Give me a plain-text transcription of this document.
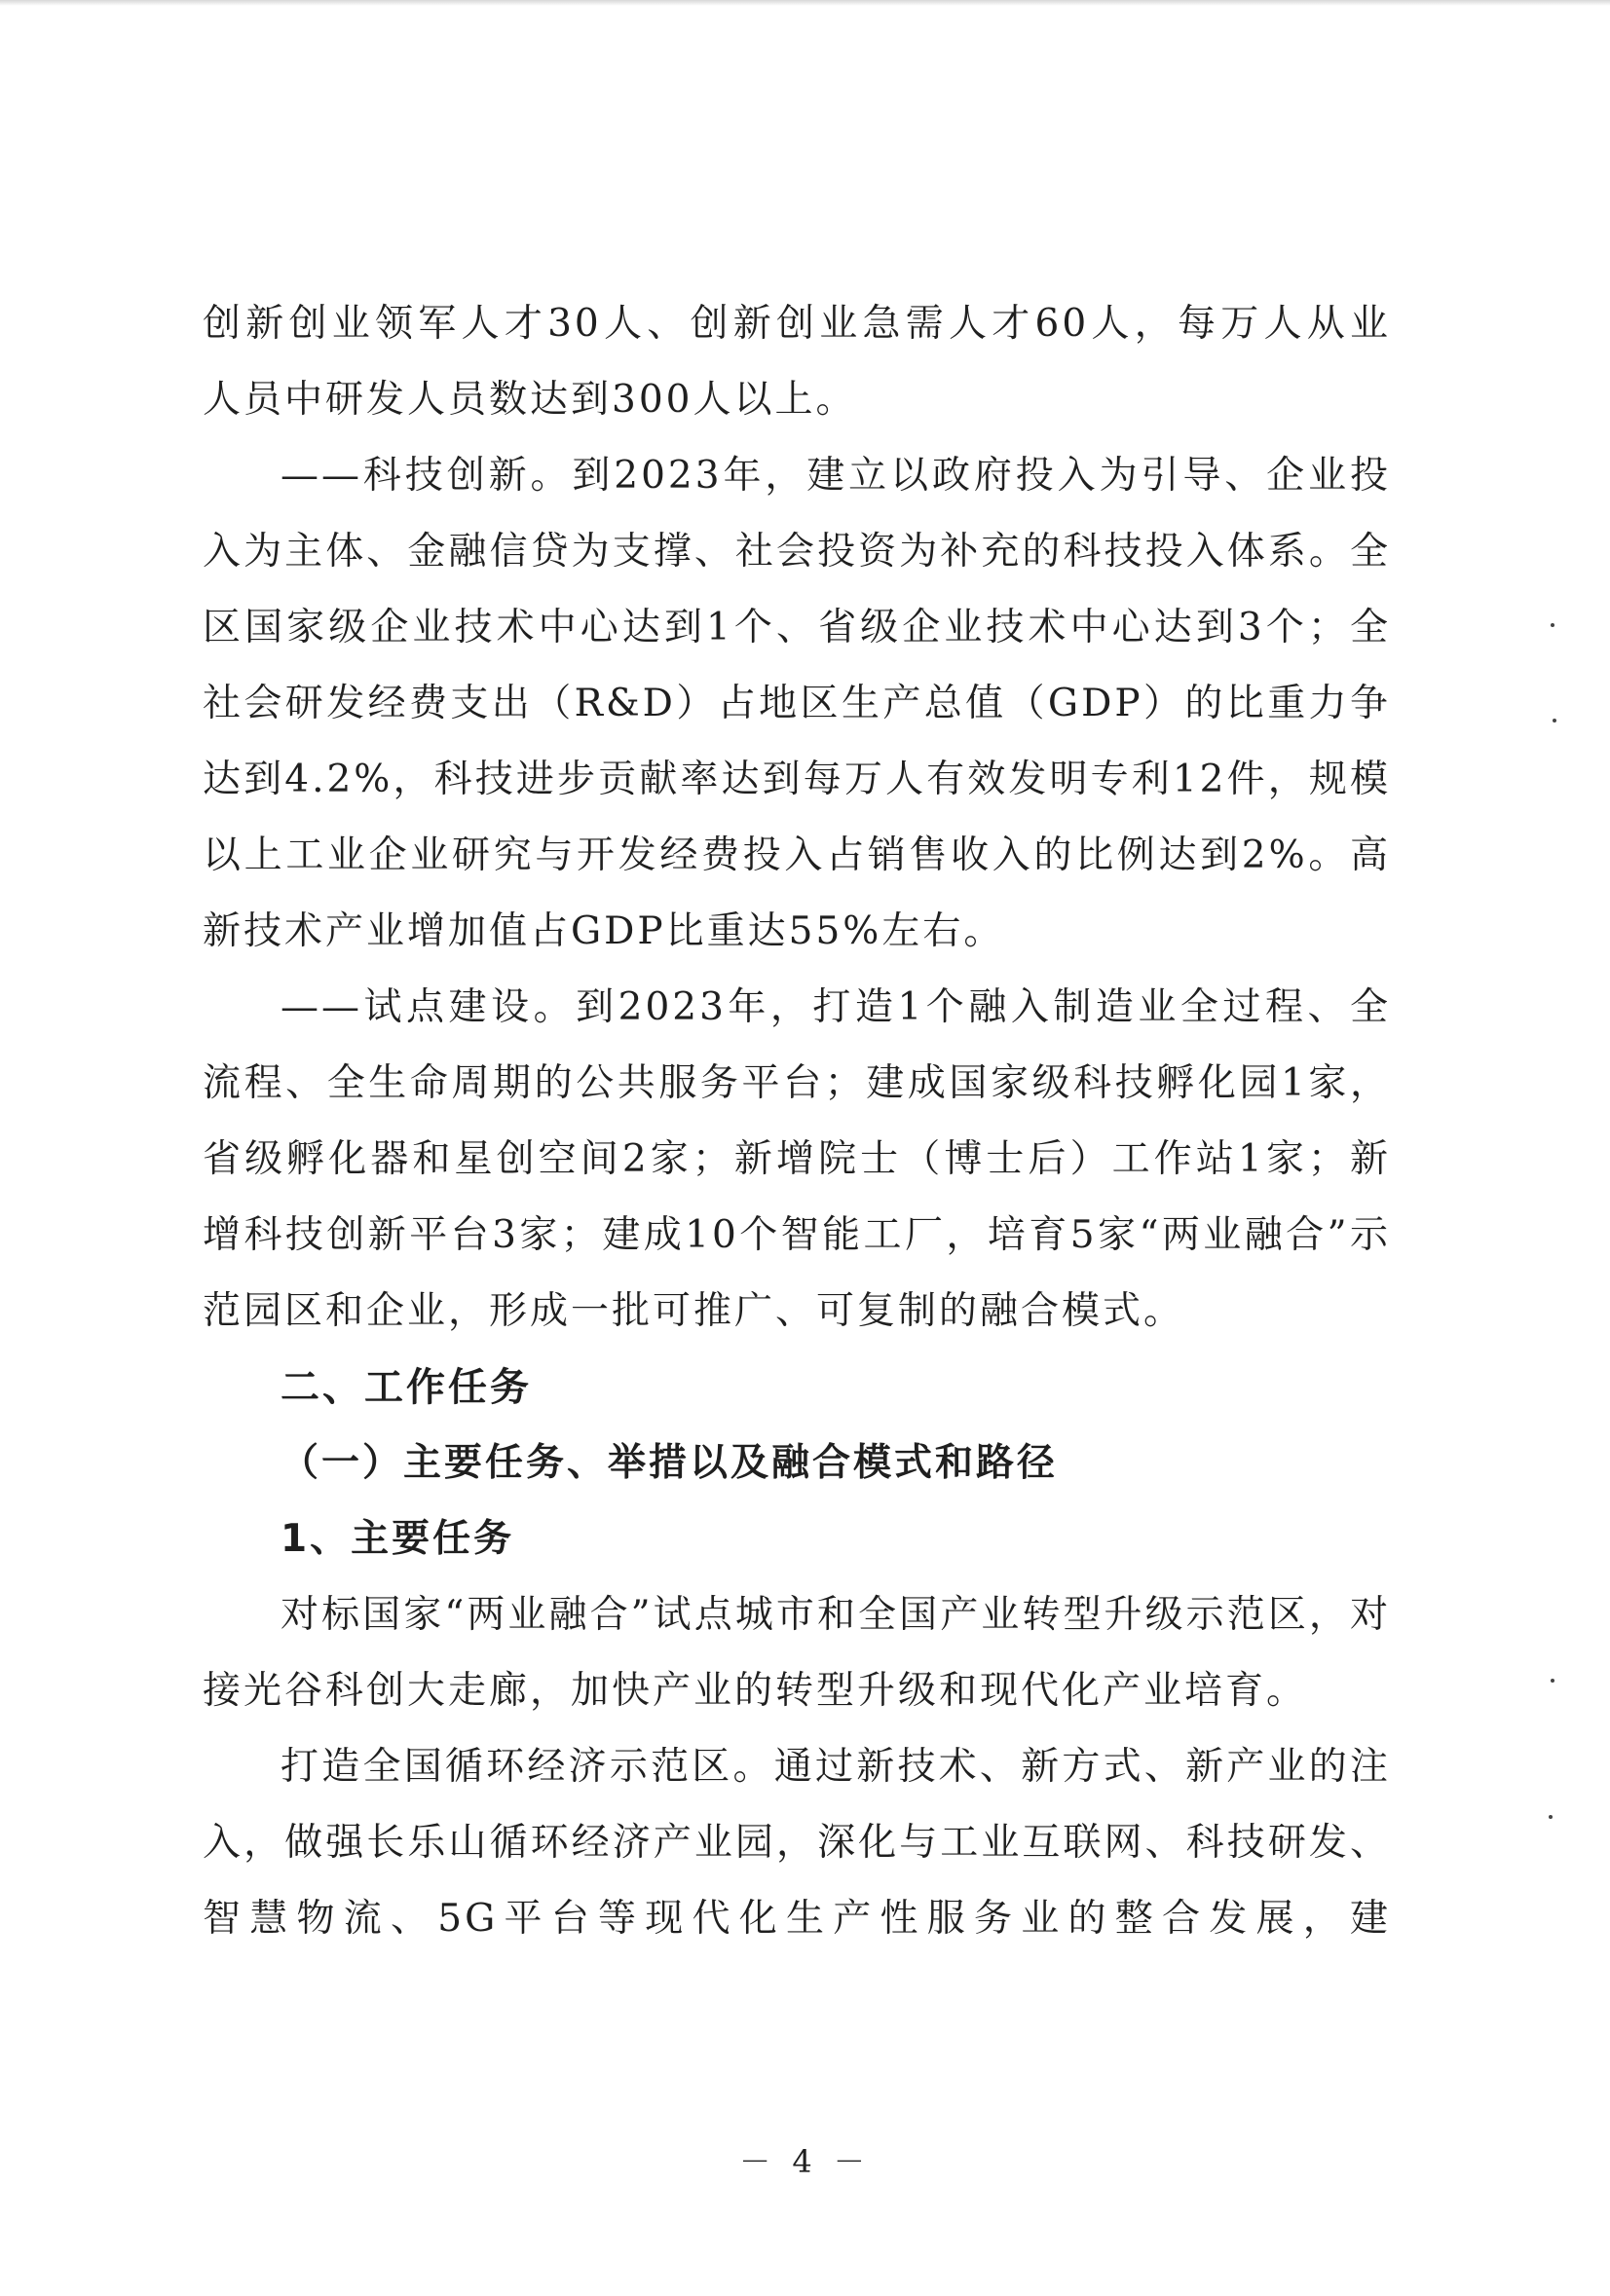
创新创业领军人才30人、创新创业急需人才60人，每万人从业

人员中研发人员数达到300人以上。

——科技创新。到2023年，建立以政府投入为引导、企业投入为主体、金融信贷为支撑、社会投资为补充的科技投入体系。全区国家级企业技术中心达到1个、省级企业技术中心达到3个；全社会研发经费支出（R&D）占地区生产总值（GDP）的比重力争达到4.2%，科技进步贡献率达到每万人有效发明专利12件，规模以上工业企业研究与开发经费投入占销售收入的比例达到2%。高新技术产业增加值占GDP比重达55%左右。

——试点建设。到2023年，打造1个融入制造业全过程、全流程、全生命周期的公共服务平台；建成国家级科技孵化园1家，省级孵化器和星创空间2家；新增院士（博士后）工作站1家；新增科技创新平台3家；建成10个智能工厂，培育5家“两业融合”示范园区和企业，形成一批可推广、可复制的融合模式。

二、工作任务
（一）主要任务、举措以及融合模式和路径
1、主要任务

对标国家“两业融合”试点城市和全国产业转型升级示范区，对接光谷科创大走廊，加快产业的转型升级和现代化产业培育。

打造全国循环经济示范区。通过新技术、新方式、新产业的注入，做强长乐山循环经济产业园，深化与工业互联网、科技研发、智慧物流、5G平台等现代化生产性服务业的整合发展，建

－ 4 －
